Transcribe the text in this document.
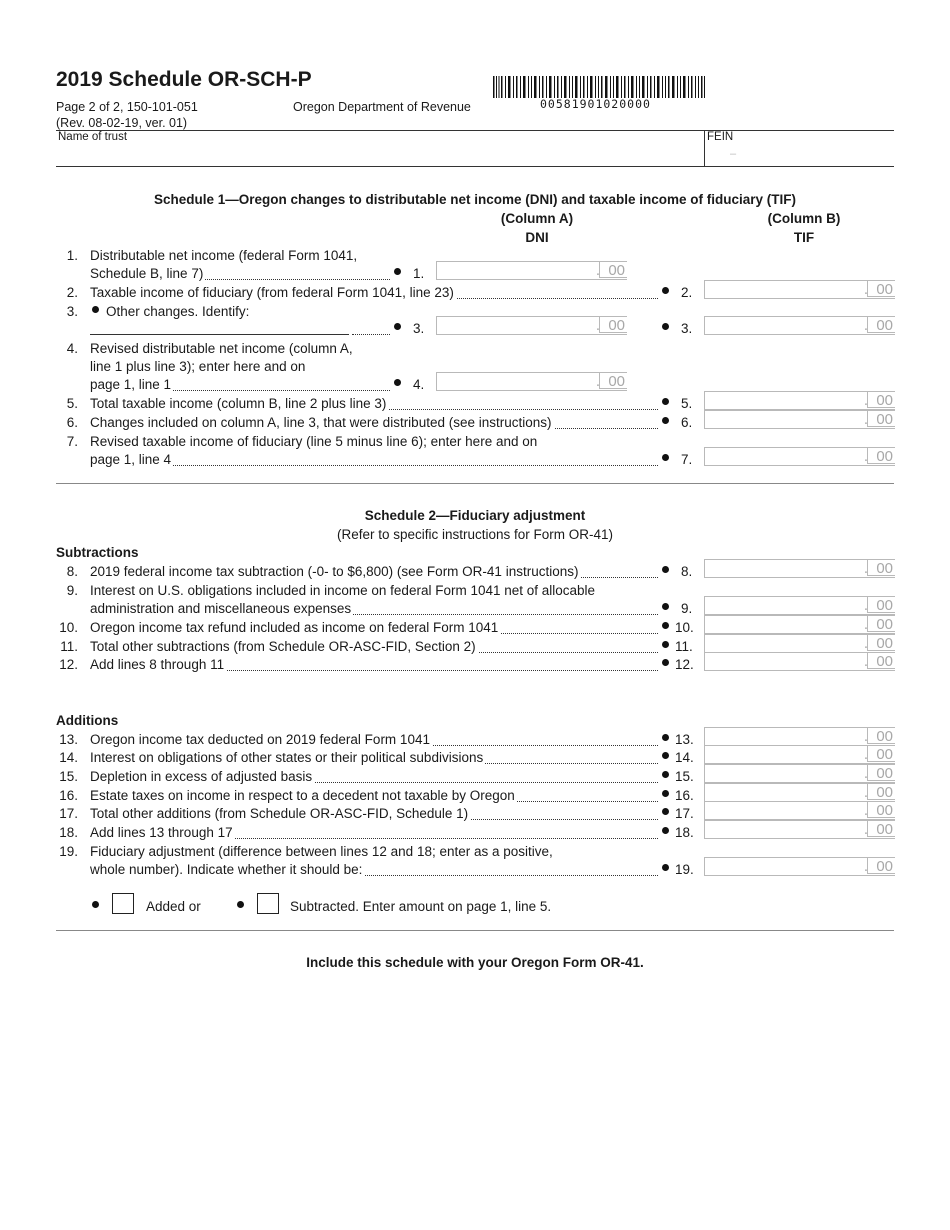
2019 Schedule OR-SCH-P
Page 2 of 2, 150-101-051
(Rev. 08-02-19, ver. 01)
Oregon Department of Revenue	00581901020000
Name of trust	FEIN
–
Schedule 1—Oregon changes to distributable net income (DNI) and taxable income of fiduciary (TIF)
(Column A)
DNI
(Column B)
TIF
1. Distributable net income (federal Form 1041,
Schedule B, line 7)	1.	. 00
2. Taxable income of fiduciary (from federal Form 1041, line 23)	2.	. 00
3. Other changes. Identify:
3.	. 00	3.	. 00
4. Revised distributable net income (column A,
line 1 plus line 3); enter here and on
page 1, line 1	4.	. 00
5. Total taxable income (column B, line 2 plus line 3)	5.	. 00
6. Changes included on column A, line 3, that were distributed (see instructions)	6.	. 00
7. Revised taxable income of fiduciary (line 5 minus line 6); enter here and on
page 1, line 4	7.	. 00
Schedule 2—Fiduciary adjustment
(Refer to specific instructions for Form OR-41)
Subtractions
8. 2019 federal income tax subtraction (-0- to $6,800) (see Form OR-41 instructions)	8.	. 00
9. Interest on U.S. obligations included in income on federal Form 1041 net of allocable
administration and miscellaneous expenses	9.	. 00
10. Oregon income tax refund included as income on federal Form 1041	10.	. 00
11. Total other subtractions (from Schedule OR-ASC-FID, Section 2)	11.	. 00
12. Add lines 8 through 11	12.	. 00
Additions
13. Oregon income tax deducted on 2019 federal Form 1041	13.	. 00
14. Interest on obligations of other states or their political subdivisions	14.	. 00
15. Depletion in excess of adjusted basis	15.	. 00
16. Estate taxes on income in respect to a decedent not taxable by Oregon	16.	. 00
17. Total other additions (from Schedule OR-ASC-FID, Schedule 1)	17.	. 00
18. Add lines 13 through 17	18.	. 00
19. Fiduciary adjustment (difference between lines 12 and 18; enter as a positive,
whole number). Indicate whether it should be:	19.	. 00
Added or	Subtracted. Enter amount on page 1, line 5.
Include this schedule with your Oregon Form OR-41.
